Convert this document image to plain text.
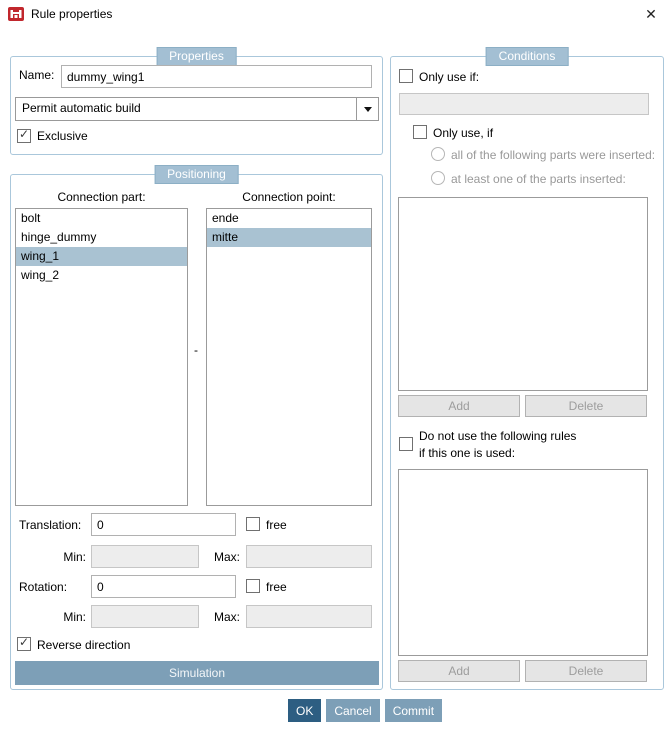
Rule properties	✕
Properties
Name:
dummy_wing1
Permit automatic build
✓ Exclusive
Positioning
Connection part:	Connection point:
bolt
hinge_dummy
wing_1
wing_2
-
ende
mitte
Translation:
0	free
Min:	Max:
Rotation:
0	free
Min:	Max:
✓ Reverse direction
Simulation
Conditions
Only use if:
Only use, if
all of the following parts were inserted:
at least one of the parts inserted:
Add	Delete
Do not use the following rules
if this one is used:
Add	Delete
OK	Cancel	Commit
